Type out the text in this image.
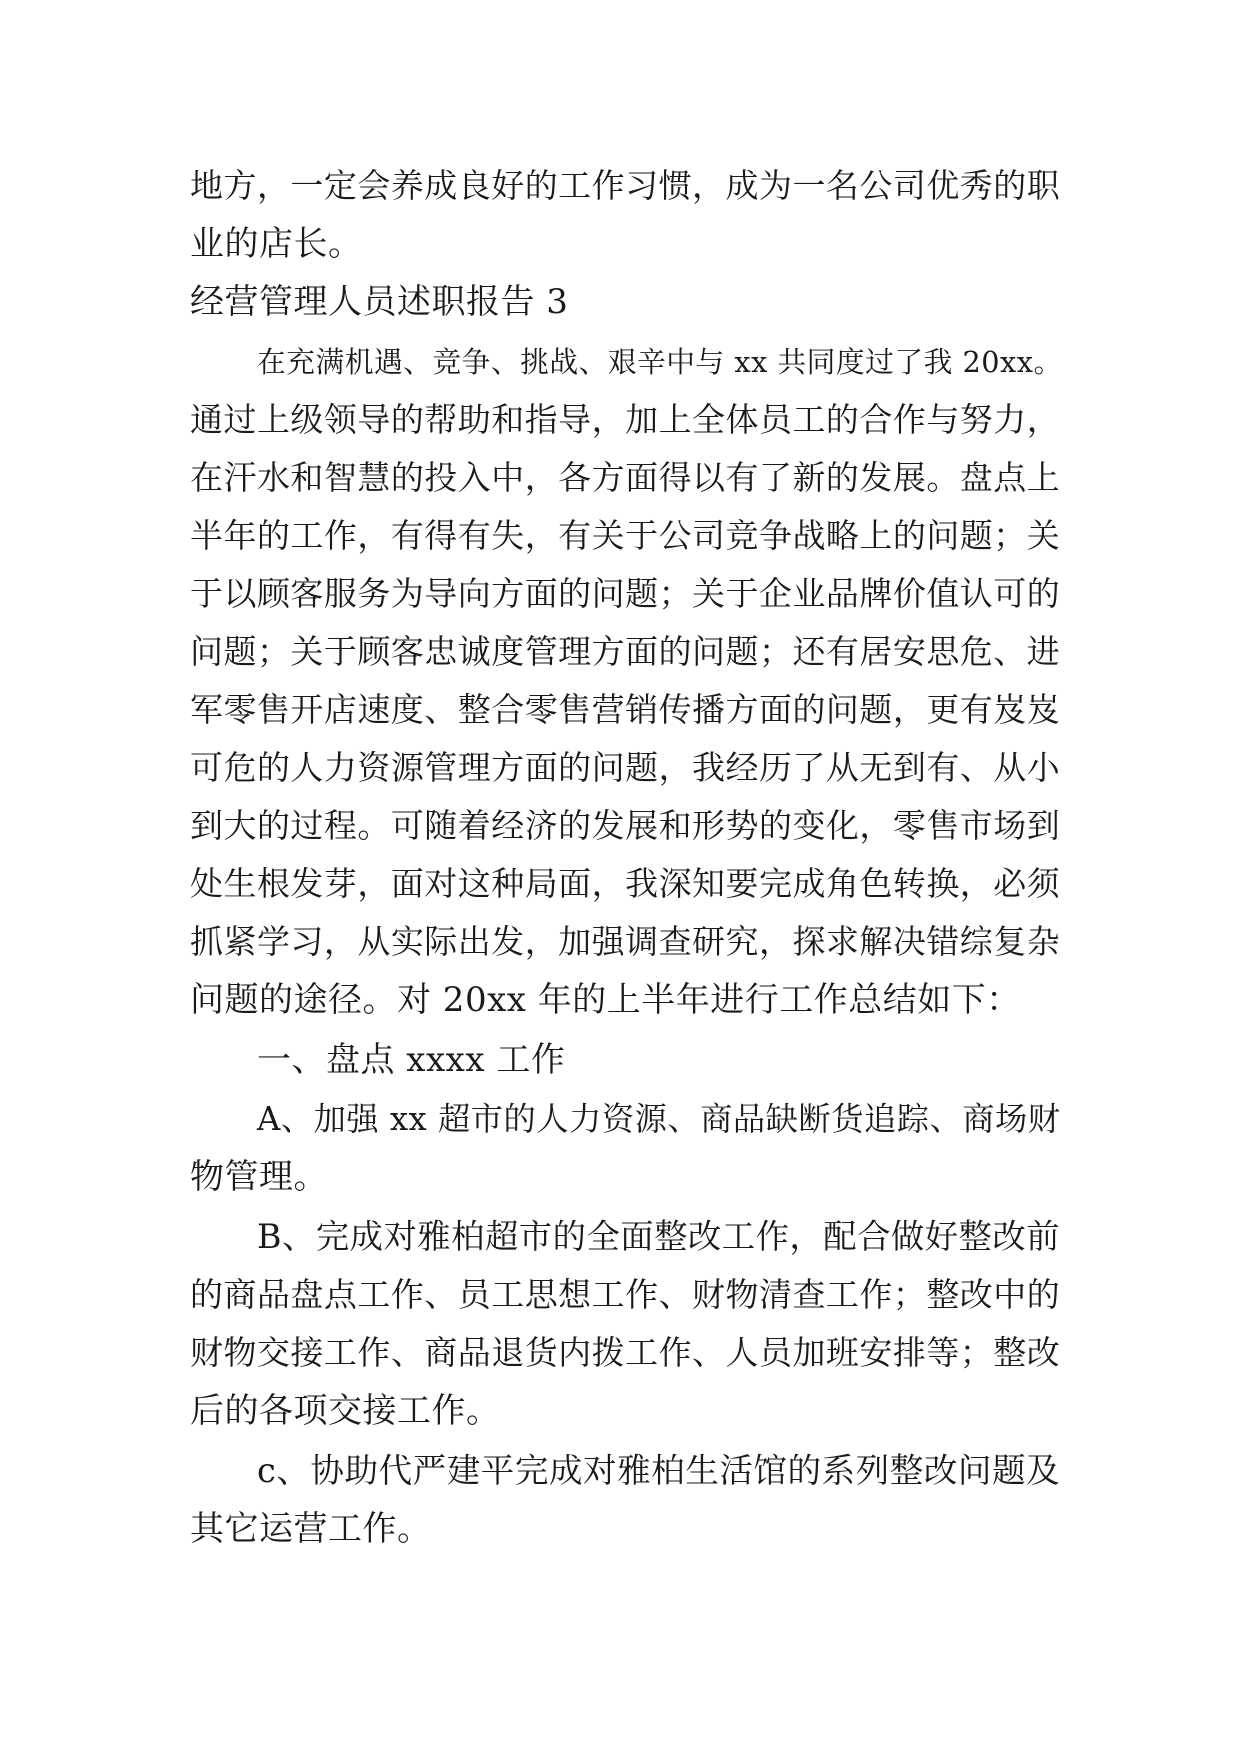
地方，一定会养成良好的工作习惯，成为一名公司优秀的职
业的店长。
经营管理人员述职报告 3
在充满机遇、竞争、挑战、艰辛中与 xx 共同度过了我 20xx。
通过上级领导的帮助和指导，加上全体员工的合作与努力，
在汗水和智慧的投入中，各方面得以有了新的发展。盘点上
半年的工作，有得有失，有关于公司竞争战略上的问题；关
于以顾客服务为导向方面的问题；关于企业品牌价值认可的
问题；关于顾客忠诚度管理方面的问题；还有居安思危、进
军零售开店速度、整合零售营销传播方面的问题，更有岌岌
可危的人力资源管理方面的问题，我经历了从无到有、从小
到大的过程。可随着经济的发展和形势的变化，零售市场到
处生根发芽，面对这种局面，我深知要完成角色转换，必须
抓紧学习，从实际出发，加强调查研究，探求解决错综复杂
问题的途径。对 20xx 年的上半年进行工作总结如下：
一、盘点 xxxx 工作
A、加强 xx 超市的人力资源、商品缺断货追踪、商场财
物管理。
B、完成对雅柏超市的全面整改工作，配合做好整改前
的商品盘点工作、员工思想工作、财物清查工作；整改中的
财物交接工作、商品退货内拨工作、人员加班安排等；整改
后的各项交接工作。
c、协助代严建平完成对雅柏生活馆的系列整改问题及
其它运营工作。
